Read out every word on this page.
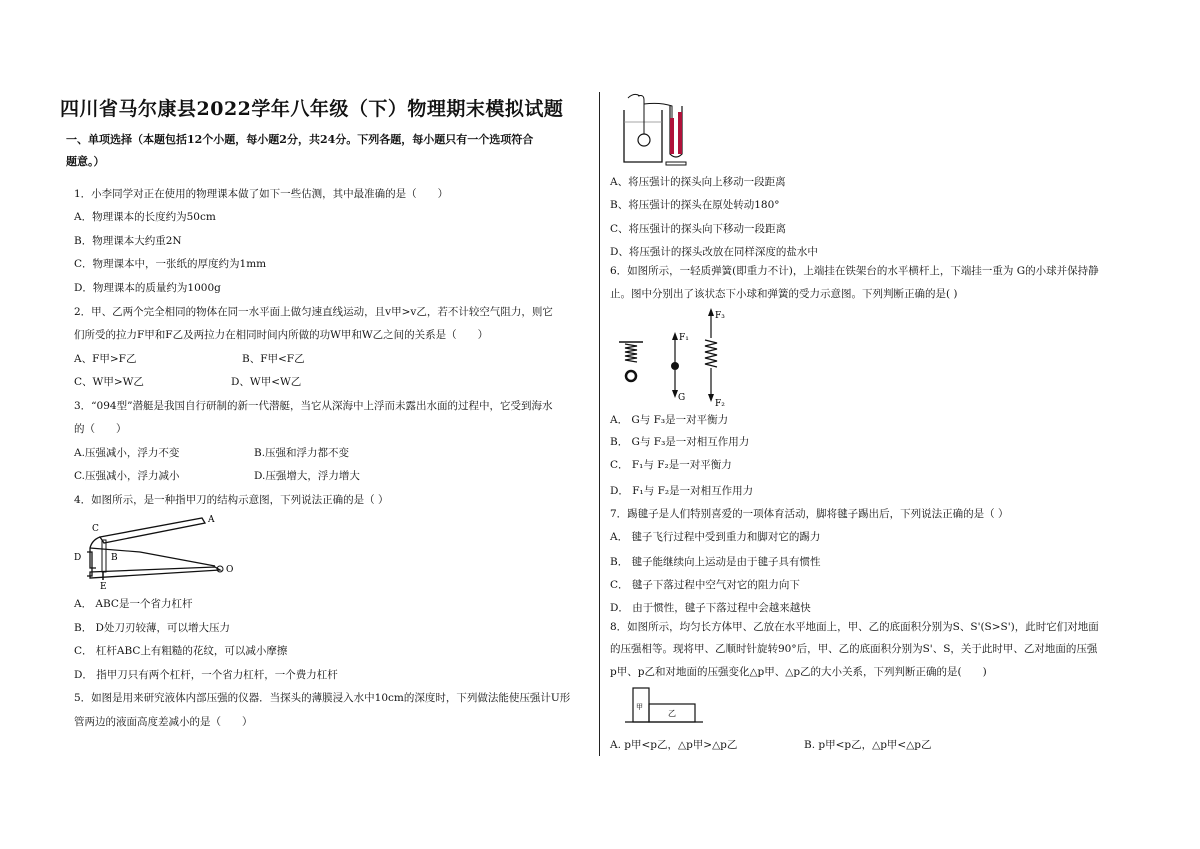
四川省马尔康县2022学年八年级（下）物理期末模拟试题
一、单项选择（本题包括12个小题，每小题2分，共24分。下列各题，每小题只有一个选项符合
题意。）
1．小李同学对正在使用的物理课本做了如下一些估测，其中最准确的是（　　）
A．物理课本的长度约为50cm
B．物理课本大约重2N
C．物理课本中，一张纸的厚度约为1mm
D．物理课本的质量约为1000g
2．甲、乙两个完全相同的物体在同一水平面上做匀速直线运动，且v甲>v乙，若不计较空气阻力，则它
们所受的拉力F甲和F乙及两拉力在相同时间内所做的功W甲和W乙之间的关系是（　　）
A、F甲>F乙	B、F甲<F乙
C、W甲>W乙	D、W甲<W乙
3．“094型”潜艇是我国自行研制的新一代潜艇，当它从深海中上浮而未露出水面的过程中，它受到海水
的（　　）
A.压强减小，浮力不变	B.压强和浮力都不变
C.压强减小，浮力减小	D.压强增大，浮力增大
4．如图所示，是一种指甲刀的结构示意图，下列说法正确的是（ ）
A
C
D	B
E
O
A． ABC是一个省力杠杆
B． D处刀刃较薄，可以增大压力
C． 杠杆ABC上有粗糙的花纹，可以减小摩擦
D． 指甲刀只有两个杠杆，一个省力杠杆，一个费力杠杆
5．如图是用来研究液体内部压强的仪器．当探头的薄膜浸入水中10cm的深度时，下列做法能使压强计U形
管两边的液面高度差减小的是（　　）
A、将压强计的探头向上移动一段距离
B、将压强计的探头在原处转动180°
C、将压强计的探头向下移动一段距离
D、将压强计的探头改放在同样深度的盐水中
6．如图所示，一轻质弹簧(即重力不计)，上端挂在铁架台的水平横杆上，下端挂一重为 G的小球并保持静
止。图中分别出了该状态下小球和弹簧的受力示意图。下列判断正确的是( )
F₁
G
F₃
F₂
A． G与 F₃是一对平衡力
B． G与 F₃是一对相互作用力
C． F₁与 F₂是一对平衡力
D． F₁与 F₂是一对相互作用力
7．踢毽子是人们特别喜爱的一项体育活动，脚将毽子踢出后，下列说法正确的是（ ）
A． 毽子飞行过程中受到重力和脚对它的踢力
B． 毽子能继续向上运动是由于毽子具有惯性
C． 毽子下落过程中空气对它的阻力向下
D． 由于惯性，毽子下落过程中会越来越快
8．如图所示，均匀长方体甲、乙放在水平地面上，甲、乙的底面积分别为S、S'(S>S')，此时它们对地面
的压强相等。现将甲、乙顺时针旋转90°后，甲、乙的底面积分别为S'、S，关于此时甲、乙对地面的压强
p甲、p乙和对地面的压强变化△p甲、△p乙的大小关系，下列判断正确的是(　　)
甲
乙
A. p甲<p乙，△p甲>△p乙	B. p甲<p乙，△p甲<△p乙
